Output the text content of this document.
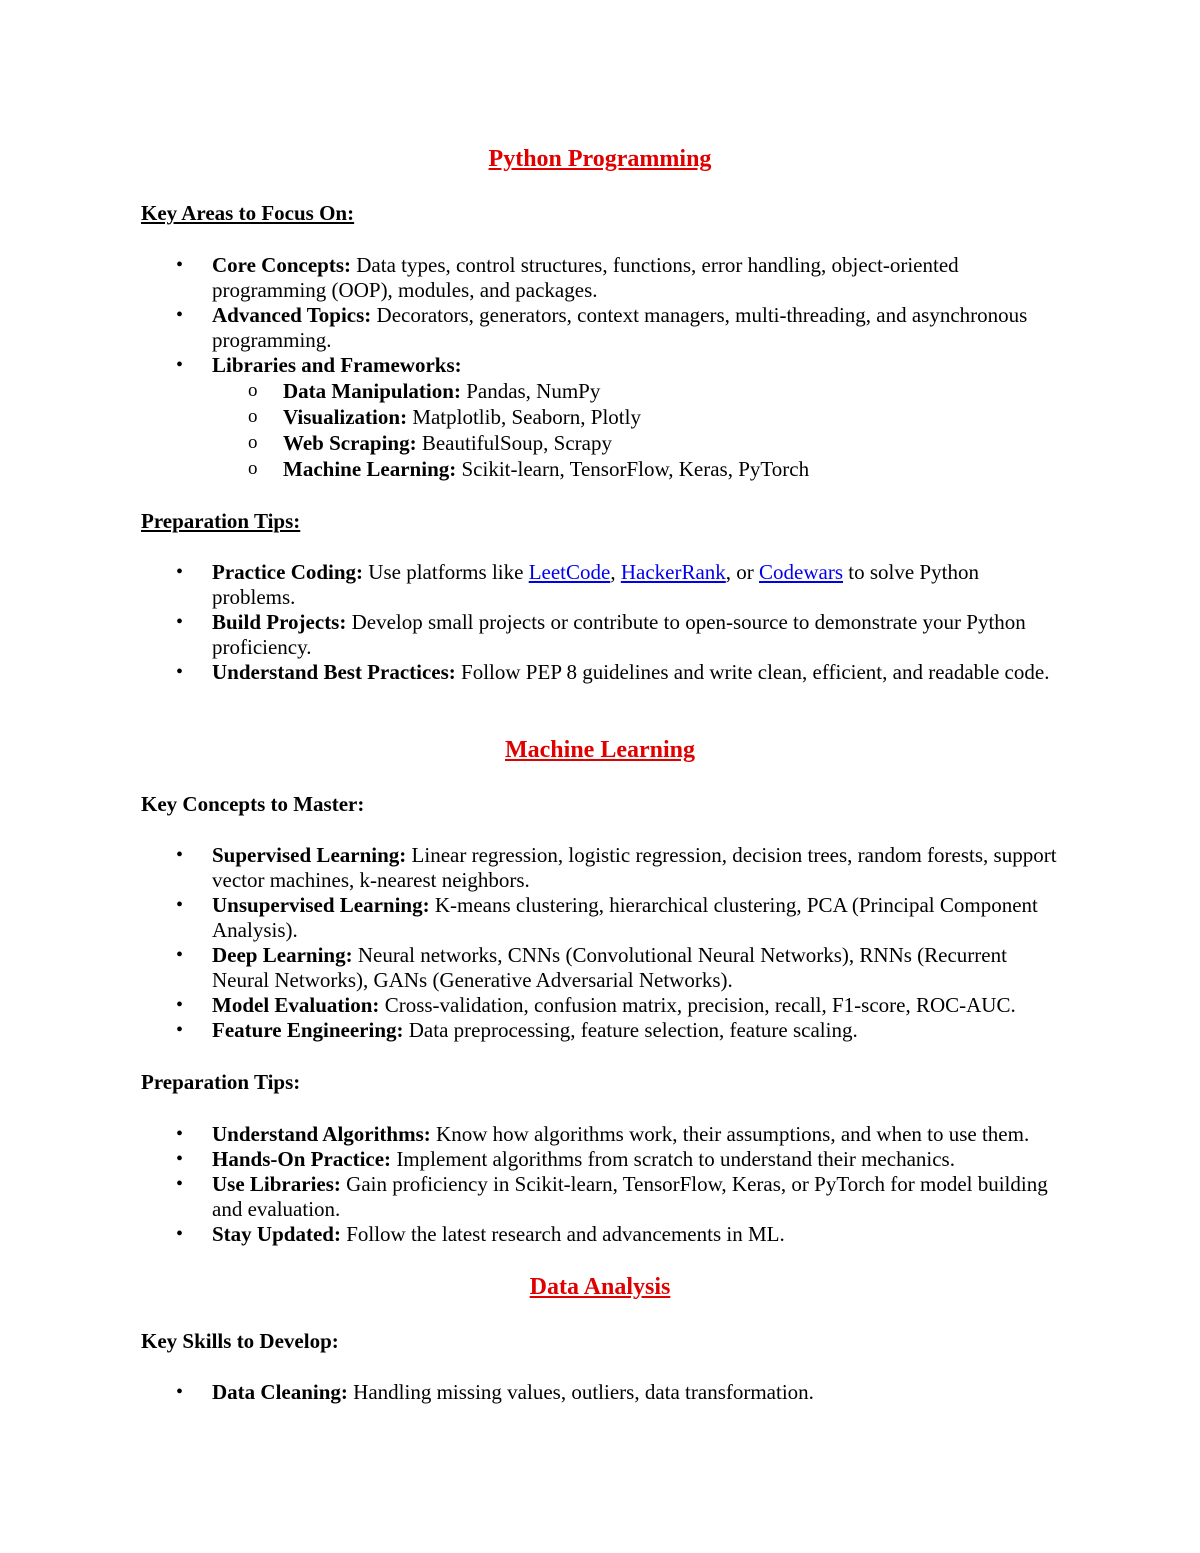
Python Programming
Key Areas to Focus On:
• Core Concepts: Data types, control structures, functions, error handling, object-oriented programming (OOP), modules, and packages.
• Advanced Topics: Decorators, generators, context managers, multi-threading, and asynchronous programming.
• Libraries and Frameworks:
o Data Manipulation: Pandas, NumPy
o Visualization: Matplotlib, Seaborn, Plotly
o Web Scraping: BeautifulSoup, Scrapy
o Machine Learning: Scikit-learn, TensorFlow, Keras, PyTorch
Preparation Tips:
• Practice Coding: Use platforms like LeetCode, HackerRank, or Codewars to solve Python problems.
• Build Projects: Develop small projects or contribute to open-source to demonstrate your Python proficiency.
• Understand Best Practices: Follow PEP 8 guidelines and write clean, efficient, and readable code.
Machine Learning
Key Concepts to Master:
• Supervised Learning: Linear regression, logistic regression, decision trees, random forests, support vector machines, k-nearest neighbors.
• Unsupervised Learning: K-means clustering, hierarchical clustering, PCA (Principal Component Analysis).
• Deep Learning: Neural networks, CNNs (Convolutional Neural Networks), RNNs (Recurrent Neural Networks), GANs (Generative Adversarial Networks).
• Model Evaluation: Cross-validation, confusion matrix, precision, recall, F1-score, ROC-AUC.
• Feature Engineering: Data preprocessing, feature selection, feature scaling.
Preparation Tips:
• Understand Algorithms: Know how algorithms work, their assumptions, and when to use them.
• Hands-On Practice: Implement algorithms from scratch to understand their mechanics.
• Use Libraries: Gain proficiency in Scikit-learn, TensorFlow, Keras, or PyTorch for model building and evaluation.
• Stay Updated: Follow the latest research and advancements in ML.
Data Analysis
Key Skills to Develop:
• Data Cleaning: Handling missing values, outliers, data transformation.
